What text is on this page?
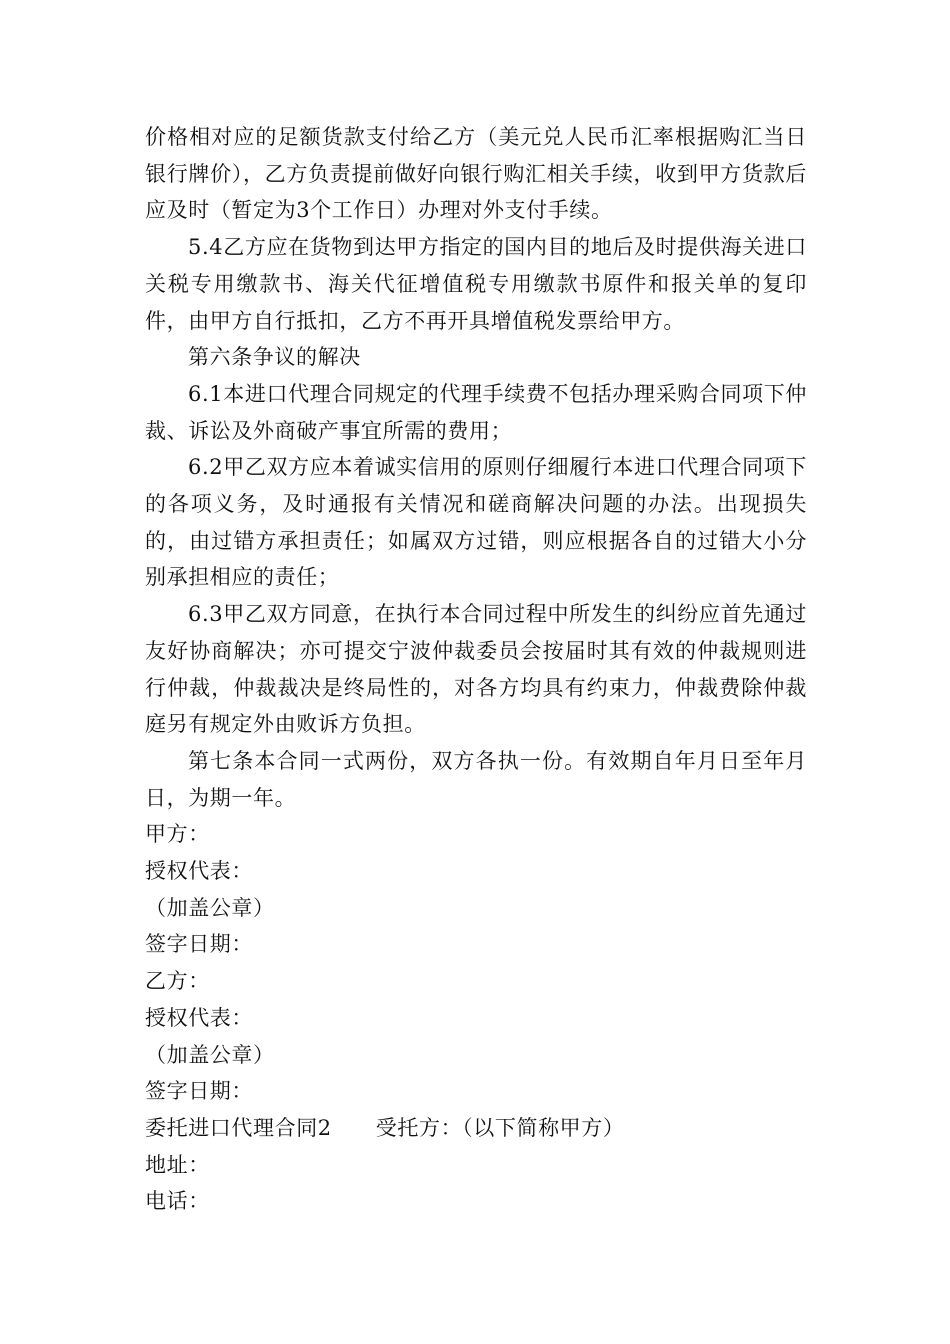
价格相对应的足额货款支付给乙方（美元兑人民币汇率根据购汇当日银行牌价），乙方负责提前做好向银行购汇相关手续，收到甲方货款后应及时（暂定为3个工作日）办理对外支付手续。

5.4乙方应在货物到达甲方指定的国内目的地后及时提供海关进口关税专用缴款书、海关代征增值税专用缴款书原件和报关单的复印件，由甲方自行抵扣，乙方不再开具增值税发票给甲方。

第六条争议的解决

6.1本进口代理合同规定的代理手续费不包括办理采购合同项下仲裁、诉讼及外商破产事宜所需的费用；

6.2甲乙双方应本着诚实信用的原则仔细履行本进口代理合同项下的各项义务，及时通报有关情况和磋商解决问题的办法。出现损失的，由过错方承担责任；如属双方过错，则应根据各自的过错大小分别承担相应的责任；

6.3甲乙双方同意，在执行本合同过程中所发生的纠纷应首先通过友好协商解决；亦可提交宁波仲裁委员会按届时其有效的仲裁规则进行仲裁，仲裁裁决是终局性的，对各方均具有约束力，仲裁费除仲裁庭另有规定外由败诉方负担。

第七条本合同一式两份，双方各执一份。有效期自年月日至年月日，为期一年。

甲方：

授权代表：

（加盖公章）

签字日期：

乙方：

授权代表：

（加盖公章）

签字日期：

委托进口代理合同2 受托方：（以下简称甲方）

地址：

电话：
